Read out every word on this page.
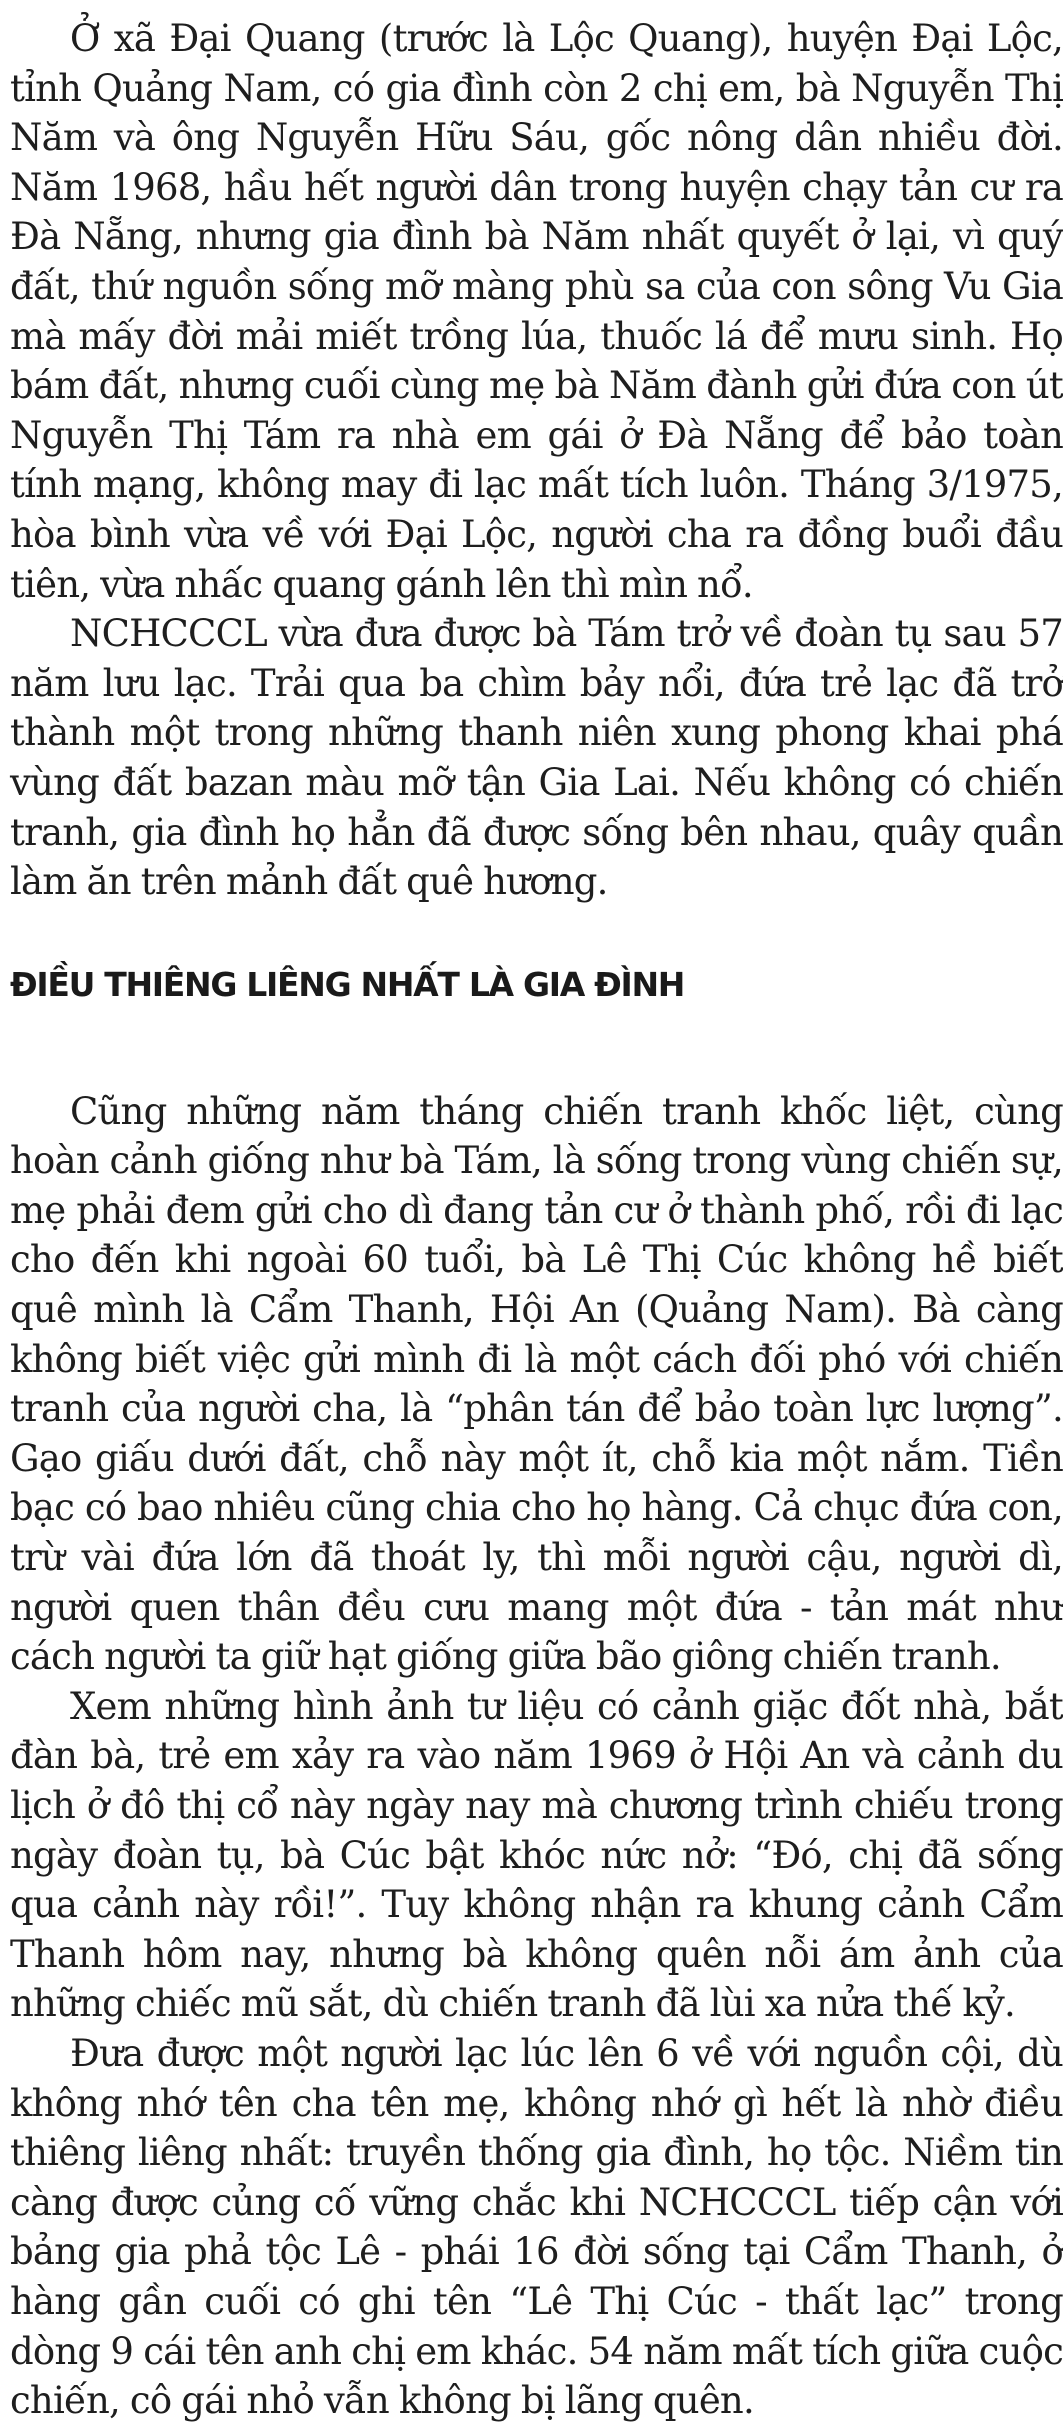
Ở xã Đại Quang (trước là Lộc Quang), huyện Đại Lộc, tỉnh Quảng Nam, có gia đình còn 2 chị em, bà Nguyễn Thị Năm và ông Nguyễn Hữu Sáu, gốc nông dân nhiều đời. Năm 1968, hầu hết người dân trong huyện chạy tản cư ra Đà Nẵng, nhưng gia đình bà Năm nhất quyết ở lại, vì quý đất, thứ nguồn sống mỡ màng phù sa của con sông Vu Gia mà mấy đời mải miết trồng lúa, thuốc lá để mưu sinh. Họ bám đất, nhưng cuối cùng mẹ bà Năm đành gửi đứa con út Nguyễn Thị Tám ra nhà em gái ở Đà Nẵng để bảo toàn tính mạng, không may đi lạc mất tích luôn. Tháng 3/1975, hòa bình vừa về với Đại Lộc, người cha ra đồng buổi đầu tiên, vừa nhấc quang gánh lên thì mìn nổ.

NCHCCCL vừa đưa được bà Tám trở về đoàn tụ sau 57 năm lưu lạc. Trải qua ba chìm bảy nổi, đứa trẻ lạc đã trở thành một trong những thanh niên xung phong khai phá vùng đất bazan màu mỡ tận Gia Lai. Nếu không có chiến tranh, gia đình họ hẳn đã được sống bên nhau, quây quần làm ăn trên mảnh đất quê hương.

ĐIỀU THIÊNG LIÊNG NHẤT LÀ GIA ĐÌNH

Cũng những năm tháng chiến tranh khốc liệt, cùng hoàn cảnh giống như bà Tám, là sống trong vùng chiến sự, mẹ phải đem gửi cho dì đang tản cư ở thành phố, rồi đi lạc cho đến khi ngoài 60 tuổi, bà Lê Thị Cúc không hề biết quê mình là Cẩm Thanh, Hội An (Quảng Nam). Bà càng không biết việc gửi mình đi là một cách đối phó với chiến tranh của người cha, là “phân tán để bảo toàn lực lượng”. Gạo giấu dưới đất, chỗ này một ít, chỗ kia một nắm. Tiền bạc có bao nhiêu cũng chia cho họ hàng. Cả chục đứa con, trừ vài đứa lớn đã thoát ly, thì mỗi người cậu, người dì, người quen thân đều cưu mang một đứa - tản mát như cách người ta giữ hạt giống giữa bão giông chiến tranh.

Xem những hình ảnh tư liệu có cảnh giặc đốt nhà, bắt đàn bà, trẻ em xảy ra vào năm 1969 ở Hội An và cảnh du lịch ở đô thị cổ này ngày nay mà chương trình chiếu trong ngày đoàn tụ, bà Cúc bật khóc nức nở: “Đó, chị đã sống qua cảnh này rồi!”. Tuy không nhận ra khung cảnh Cẩm Thanh hôm nay, nhưng bà không quên nỗi ám ảnh của những chiếc mũ sắt, dù chiến tranh đã lùi xa nửa thế kỷ.

Đưa được một người lạc lúc lên 6 về với nguồn cội, dù không nhớ tên cha tên mẹ, không nhớ gì hết là nhờ điều thiêng liêng nhất: truyền thống gia đình, họ tộc. Niềm tin càng được củng cố vững chắc khi NCHCCCL tiếp cận với bảng gia phả tộc Lê - phái 16 đời sống tại Cẩm Thanh, ở hàng gần cuối có ghi tên “Lê Thị Cúc - thất lạc” trong dòng 9 cái tên anh chị em khác. 54 năm mất tích giữa cuộc chiến, cô gái nhỏ vẫn không bị lãng quên.
